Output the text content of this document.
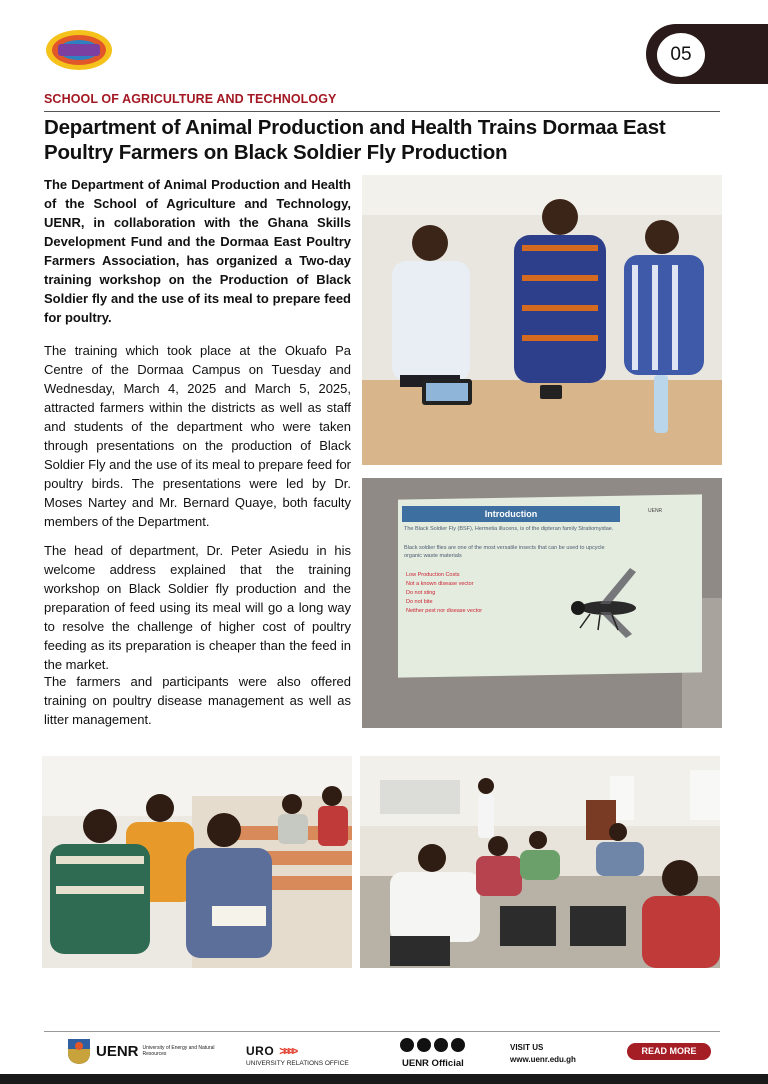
05
SCHOOL OF AGRICULTURE AND TECHNOLOGY
Department of Animal Production and Health Trains Dormaa East Poultry Farmers on Black Soldier Fly Production

The Department of Animal Production and Health of the School of Agriculture and Technology, UENR, in collaboration with the Ghana Skills Development Fund and the Dormaa East Poultry Farmers Association, has organized a Two-day training workshop on the Production of Black Soldier fly and the use of its meal to prepare feed for poultry.

The training which took place at the Okuafo Pa Centre of the Dormaa Campus on Tuesday and Wednesday, March 4, 2025 and March 5, 2025, attracted farmers within the districts as well as staff and students of the department who were taken through presentations on the production of Black Soldier Fly and the use of its meal to prepare feed for poultry birds. The presentations were led by Dr. Moses Nartey and Mr. Bernard Quaye, both faculty members of the Department.

The head of department, Dr. Peter Asiedu in his welcome address explained that the training workshop on Black Soldier fly production and the preparation of feed using its meal will go a long way to resolve the challenge of higher cost of poultry feeding as its preparation is cheaper than the feed in the market.

The farmers and participants were also offered training on poultry disease management as well as litter management.

Introduction	UENR
The Black Soldier Fly (BSF), Hermetia illucens, is of the dipteran family Stratiomyidae.
Black soldier flies are one of the most versatile insects that can be used to upcycle
organic waste materials
Low Production Costs
Not a known disease vector
Do not sting
Do not bite
Neither pest nor disease vector
UENR University of Energy and Natural Resources	URO >>>>
UNIVERSITY RELATIONS OFFICE	UENR Official
VISIT US
www.uenr.edu.gh
READ MORE
